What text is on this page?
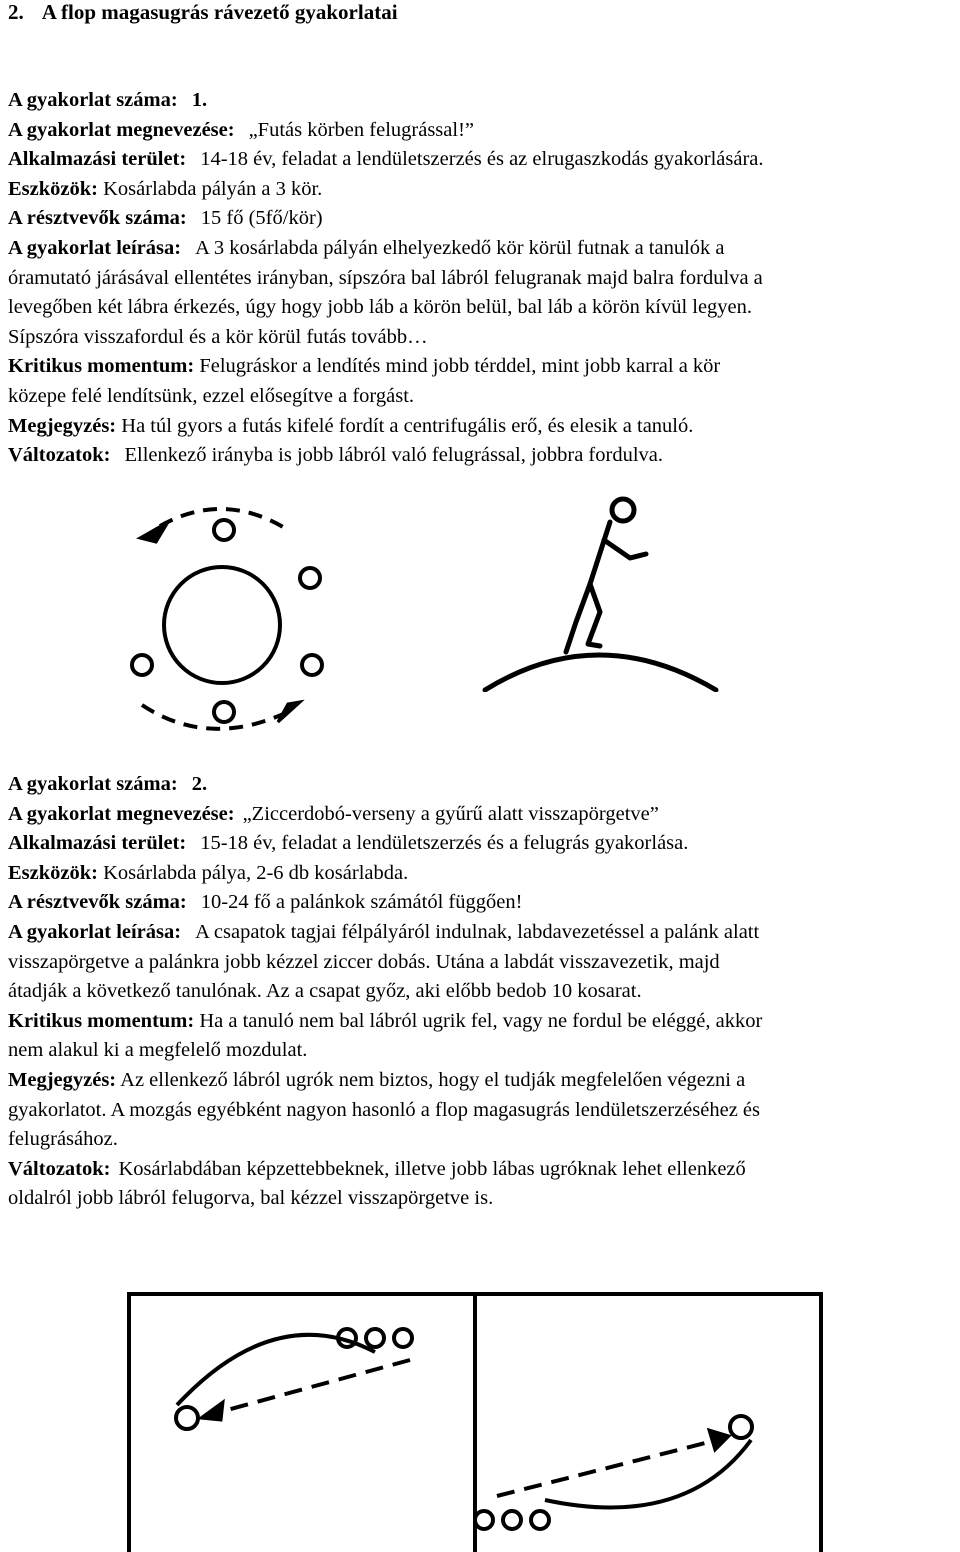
2. A flop magasugrás rávezető gyakorlatai
A gyakorlat száma: 1.
A gyakorlat megnevezése: „Futás körben felugrással!”
Alkalmazási terület: 14-18 év, feladat a lendületszerzés és az elrugaszkodás gyakorlására.
Eszközök: Kosárlabda pályán a 3 kör.
A résztvevők száma: 15 fő (5fő/kör)
A gyakorlat leírása: A 3 kosárlabda pályán elhelyezkedő kör körül futnak a tanulók a
óramutató járásával ellentétes irányban, sípszóra bal lábról felugranak majd balra fordulva a
levegőben két lábra érkezés, úgy hogy jobb láb a körön belül, bal láb a körön kívül legyen.
Sípszóra visszafordul és a kör körül futás tovább…
Kritikus momentum: Felugráskor a lendítés mind jobb térddel, mint jobb karral a kör
közepe felé lendítsünk, ezzel elősegítve a forgást.
Megjegyzés: Ha túl gyors a futás kifelé fordít a centrifugális erő, és elesik a tanuló.
Változatok: Ellenkező irányba is jobb lábról való felugrással, jobbra fordulva.
A gyakorlat száma: 2.
A gyakorlat megnevezése: „Ziccerdobó-verseny a gyűrű alatt visszapörgetve”
Alkalmazási terület: 15-18 év, feladat a lendületszerzés és a felugrás gyakorlása.
Eszközök: Kosárlabda pálya, 2-6 db kosárlabda.
A résztvevők száma: 10-24 fő a palánkok számától függően!
A gyakorlat leírása: A csapatok tagjai félpályáról indulnak, labdavezetéssel a palánk alatt
visszapörgetve a palánkra jobb kézzel ziccer dobás. Utána a labdát visszavezetik, majd
átadják a következő tanulónak. Az a csapat győz, aki előbb bedob 10 kosarat.
Kritikus momentum: Ha a tanuló nem bal lábról ugrik fel, vagy ne fordul be eléggé, akkor
nem alakul ki a megfelelő mozdulat.
Megjegyzés: Az ellenkező lábról ugrók nem biztos, hogy el tudják megfelelően végezni a
gyakorlatot. A mozgás egyébként nagyon hasonló a flop magasugrás lendületszerzéséhez és
felugrásához.
Változatok: Kosárlabdában képzettebbeknek, illetve jobb lábas ugróknak lehet ellenkező
oldalról jobb lábról felugorva, bal kézzel visszapörgetve is.
